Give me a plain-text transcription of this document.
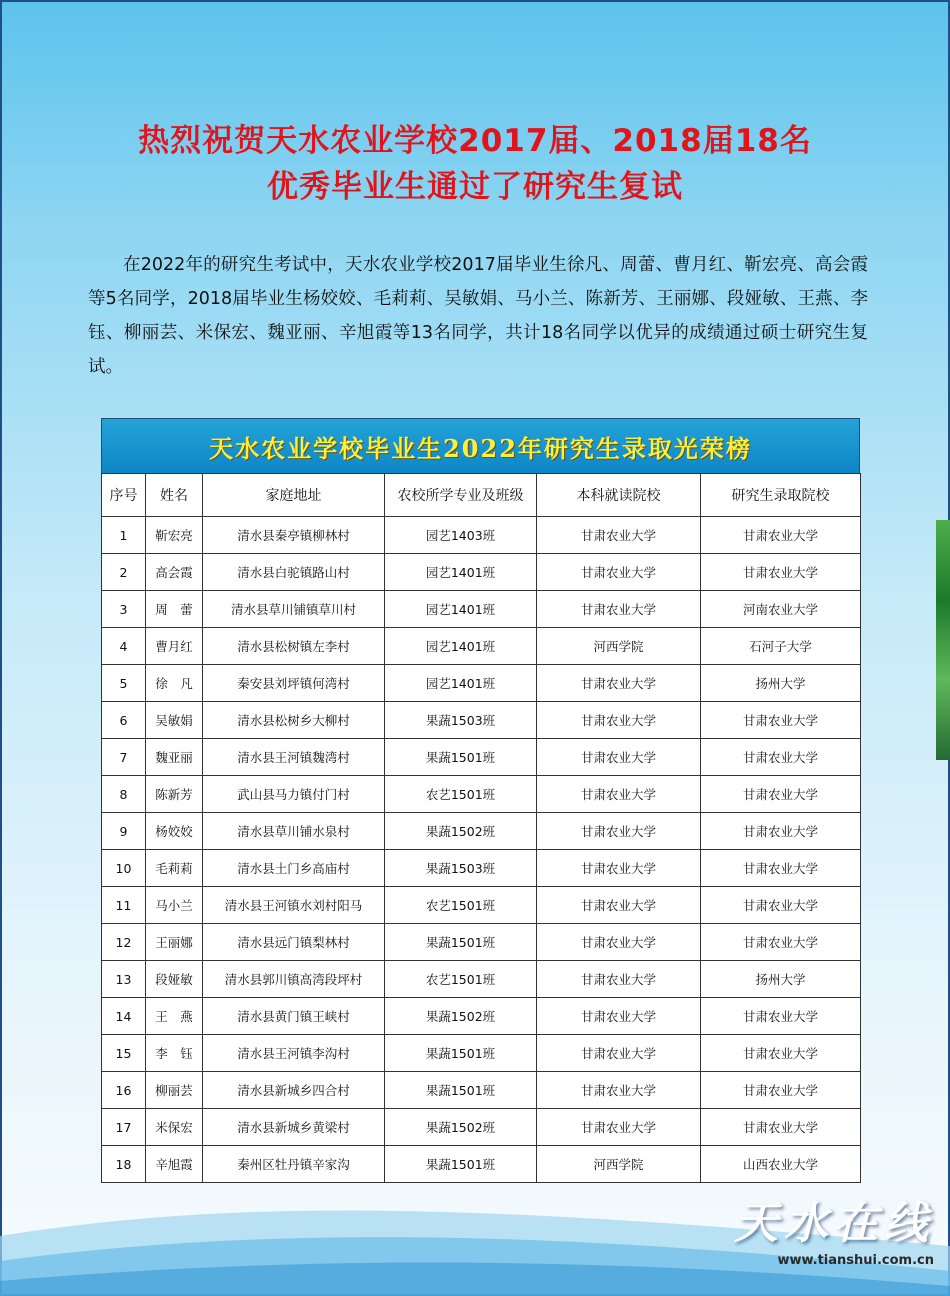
热烈祝贺天水农业学校2017届、2018届18名
优秀毕业生通过了研究生复试
在2022年的研究生考试中，天水农业学校2017届毕业生徐凡、周蕾、曹月红、靳宏亮、高会霞等5名同学，2018届毕业生杨姣姣、毛莉莉、吴敏娟、马小兰、陈新芳、王丽娜、段娅敏、王燕、李钰、柳丽芸、米保宏、魏亚丽、辛旭霞等13名同学，共计18名同学以优异的成绩通过硕士研究生复试。
天水农业学校毕业生2022年研究生录取光荣榜
序号	姓名	家庭地址	农校所学专业及班级	本科就读院校	研究生录取院校
1	靳宏亮	清水县秦亭镇柳林村	园艺1403班	甘肃农业大学	甘肃农业大学
2	高会霞	清水县白驼镇路山村	园艺1401班	甘肃农业大学	甘肃农业大学
3	周　蕾	清水县草川铺镇草川村	园艺1401班	甘肃农业大学	河南农业大学
4	曹月红	清水县松树镇左李村	园艺1401班	河西学院	石河子大学
5	徐　凡	秦安县刘坪镇何湾村	园艺1401班	甘肃农业大学	扬州大学
6	吴敏娟	清水县松树乡大柳村	果蔬1503班	甘肃农业大学	甘肃农业大学
7	魏亚丽	清水县王河镇魏湾村	果蔬1501班	甘肃农业大学	甘肃农业大学
8	陈新芳	武山县马力镇付门村	农艺1501班	甘肃农业大学	甘肃农业大学
9	杨姣姣	清水县草川铺水泉村	果蔬1502班	甘肃农业大学	甘肃农业大学
10	毛莉莉	清水县土门乡高庙村	果蔬1503班	甘肃农业大学	甘肃农业大学
11	马小兰	清水县王河镇水刘村阳马	农艺1501班	甘肃农业大学	甘肃农业大学
12	王丽娜	清水县远门镇梨林村	果蔬1501班	甘肃农业大学	甘肃农业大学
13	段娅敏	清水县郭川镇高湾段坪村	农艺1501班	甘肃农业大学	扬州大学
14	王　燕	清水县黄门镇王峡村	果蔬1502班	甘肃农业大学	甘肃农业大学
15	李　钰	清水县王河镇李沟村	果蔬1501班	甘肃农业大学	甘肃农业大学
16	柳丽芸	清水县新城乡四合村	果蔬1501班	甘肃农业大学	甘肃农业大学
17	米保宏	清水县新城乡黄梁村	果蔬1502班	甘肃农业大学	甘肃农业大学
18	辛旭霞	秦州区牡丹镇辛家沟	果蔬1501班	河西学院	山西农业大学
天水在线
www.tianshui.com.cn
